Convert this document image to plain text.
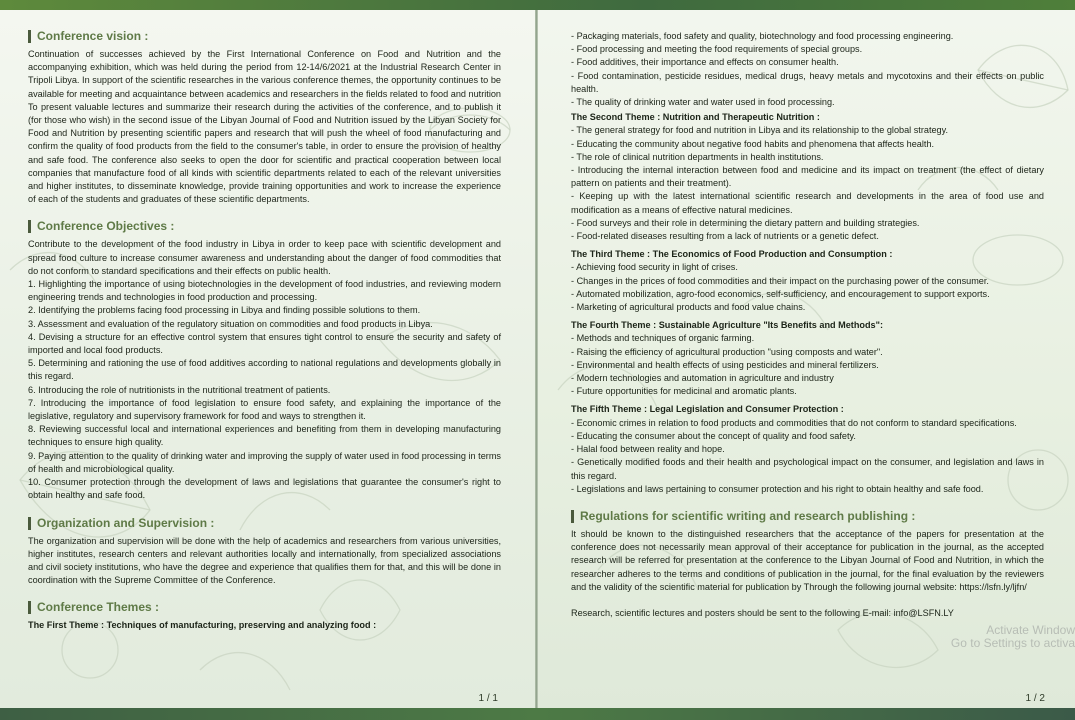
Conference vision :

Continuation of successes achieved by the First International Conference on Food and Nutrition and the accompanying exhibition, which was held during the period from 12-14/6/2021 at the Industrial Research Center in Tripoli Libya. In support of the scientific researches in the various conference themes, the opportunity continues to be available for meeting and acquaintance between academics and researchers in the fields related to food and nutrition To present valuable lectures and summarize their research during the activities of the conference, and to publish it (for those who wish) in the second issue of the Libyan Journal of Food and Nutrition issued by the Libyan Society for Food and Nutrition by presenting scientific papers and research that will push the wheel of food manufacturing and confirm the quality of food products from the field to the consumer's table, in order to ensure the provision of healthy and safe food. The conference also seeks to open the door for scientific and practical cooperation between local companies that manufacture food of all kinds with scientific departments related to each of the relevant universities and higher institutes, to disseminate knowledge, provide training opportunities and work to increase the experience of each of the students and graduates of these scientific departments.

Conference Objectives :

Contribute to the development of the food industry in Libya in order to keep pace with scientific development and spread food culture to increase consumer awareness and understanding about the danger of food commodities that do not conform to standard specifications and their effects on public health.

1. Highlighting the importance of using biotechnologies in the development of food industries, and reviewing modern engineering trends and technologies in food production and processing.
2. Identifying the problems facing food processing in Libya and finding possible solutions to them.
3. Assessment and evaluation of the regulatory situation on commodities and food products in Libya.
4. Devising a structure for an effective control system that ensures tight control to ensure the security and safety of imported and local food products.
5. Determining and rationing the use of food additives according to national regulations and developments globally in this regard.
6. Introducing the role of nutritionists in the nutritional treatment of patients.
7. Introducing the importance of food legislation to ensure food safety, and explaining the importance of the legislative, regulatory and supervisory framework for food and ways to strengthen it.
8. Reviewing successful local and international experiences and benefiting from them in developing manufacturing techniques to ensure high quality.
9. Paying attention to the quality of drinking water and improving the supply of water used in food processing in terms of health and microbiological quality.
10. Consumer protection through the development of laws and legislations that guarantee the consumer's right to obtain healthy and safe food.
Organization and Supervision :

The organization and supervision will be done with the help of academics and researchers from various universities, higher institutes, research centers and relevant authorities locally and internationally, from specialized associations and civil society institutions, who have the degree and experience that qualifies them for that, and this will be done in coordination with the Supreme Committee of the Conference.

Conference Themes :
The First Theme : Techniques of manufacturing, preserving and analyzing food :
1 / 1
- Packaging materials, food safety and quality, biotechnology and food processing engineering.
- Food processing and meeting the food requirements of special groups.
- Food additives, their importance and effects on consumer health.
- Food contamination, pesticide residues, medical drugs, heavy metals and mycotoxins and their effects on public health.
- The quality of drinking water and water used in food processing.
The Second Theme : Nutrition and Therapeutic Nutrition :
- The general strategy for food and nutrition in Libya and its relationship to the global strategy.
- Educating the community about negative food habits and phenomena that affects health.
- The role of clinical nutrition departments in health institutions.
- Introducing the internal interaction between food and medicine and its impact on treatment (the effect of dietary pattern on patients and their treatment).
- Keeping up with the latest international scientific research and developments in the area of food use and modification as a means of effective natural medicines.
- Food surveys and their role in determining the dietary pattern and building strategies.
- Food-related diseases resulting from a lack of nutrients or a genetic defect.
The Third Theme : The Economics of Food Production and Consumption :
- Achieving food security in light of crises.
- Changes in the prices of food commodities and their impact on the purchasing power of the consumer.
- Automated mobilization, agro-food economics, self-sufficiency, and encouragement to support exports.
- Marketing of agricultural products and food value chains.
The Fourth Theme : Sustainable Agriculture "Its Benefits and Methods":
- Methods and techniques of organic farming.
- Raising the efficiency of agricultural production "using composts and water".
- Environmental and health effects of using pesticides and mineral fertilizers.
- Modern technologies and automation in agriculture and industry
- Future opportunities for medicinal and aromatic plants.
The Fifth Theme : Legal Legislation and Consumer Protection :
- Economic crimes in relation to food products and commodities that do not conform to standard specifications.
- Educating the consumer about the concept of quality and food safety.
- Halal food between reality and hope.
- Genetically modified foods and their health and psychological impact on the consumer, and legislation and laws in this regard.
- Legislations and laws pertaining to consumer protection and his right to obtain healthy and safe food.
Regulations for scientific writing and research publishing :

It should be known to the distinguished researchers that the acceptance of the papers for presentation at the conference does not necessarily mean approval of their acceptance for publication in the journal, as the accepted research will be referred for presentation at the conference to the Libyan Journal of Food and Nutrition, in which the researcher adheres to the terms and conditions of publication in the journal, for the final evaluation by the reviewers and the validity of the scientific material for publication by Through the following journal website: https://lsfn.ly/ljfn/

Research, scientific lectures and posters should be sent to the following E-mail: info@LSFN.LY

Activate Window
Go to Settings to activa
1 / 2
